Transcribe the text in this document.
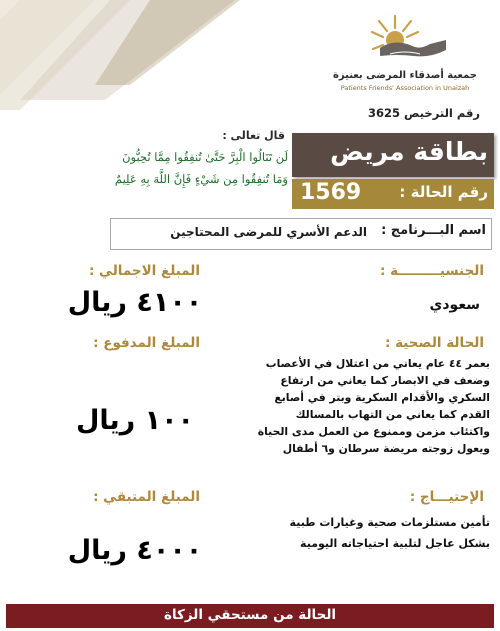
جمعية أصدقاء المرضى بعنيزة
Patients Friends' Association in Unaizah
رقم الترخيص 3625
قال تعالى :
لَن تَنَالُوا الْبِرَّ حَتَّىٰ تُنفِقُوا مِمَّا تُحِبُّونَ
وَمَا تُنفِقُوا مِن شَيْءٍ فَإِنَّ اللَّهَ بِهِ عَلِيمٌ
بطاقة مريض
رقم الحالة :
1569
اسم البـــرنامج :
الدعم الأسري للمرضى المحتاجين
الجنسيـــــــــة :
سعودي
الحالة الصحية :
بعمر ٤٤ عام يعاني من اعتلال في الأعصاب
وضعف في الابصار كما يعاني من ارتفاع
السكري والأقدام السكرية وبتر في أصابع
القدم كما يعاني من التهاب بالمسالك
واكتئاب مزمن وممنوع من العمل مدى الحياة
ويعول زوجته مريضة سرطان و٦ أطفال
الإحتيـــاج :
تأمين مستلزمات صحية وغيارات طبية
بشكل عاجل لتلبية احتياجاته اليومية
المبلغ الاجمالي :
٤١٠٠ ريال
المبلغ المدفوع :
١٠٠ ريال
المبلغ المتبقي :
٤٠٠٠ ريال
الحالة من مستحقي الزكاة
